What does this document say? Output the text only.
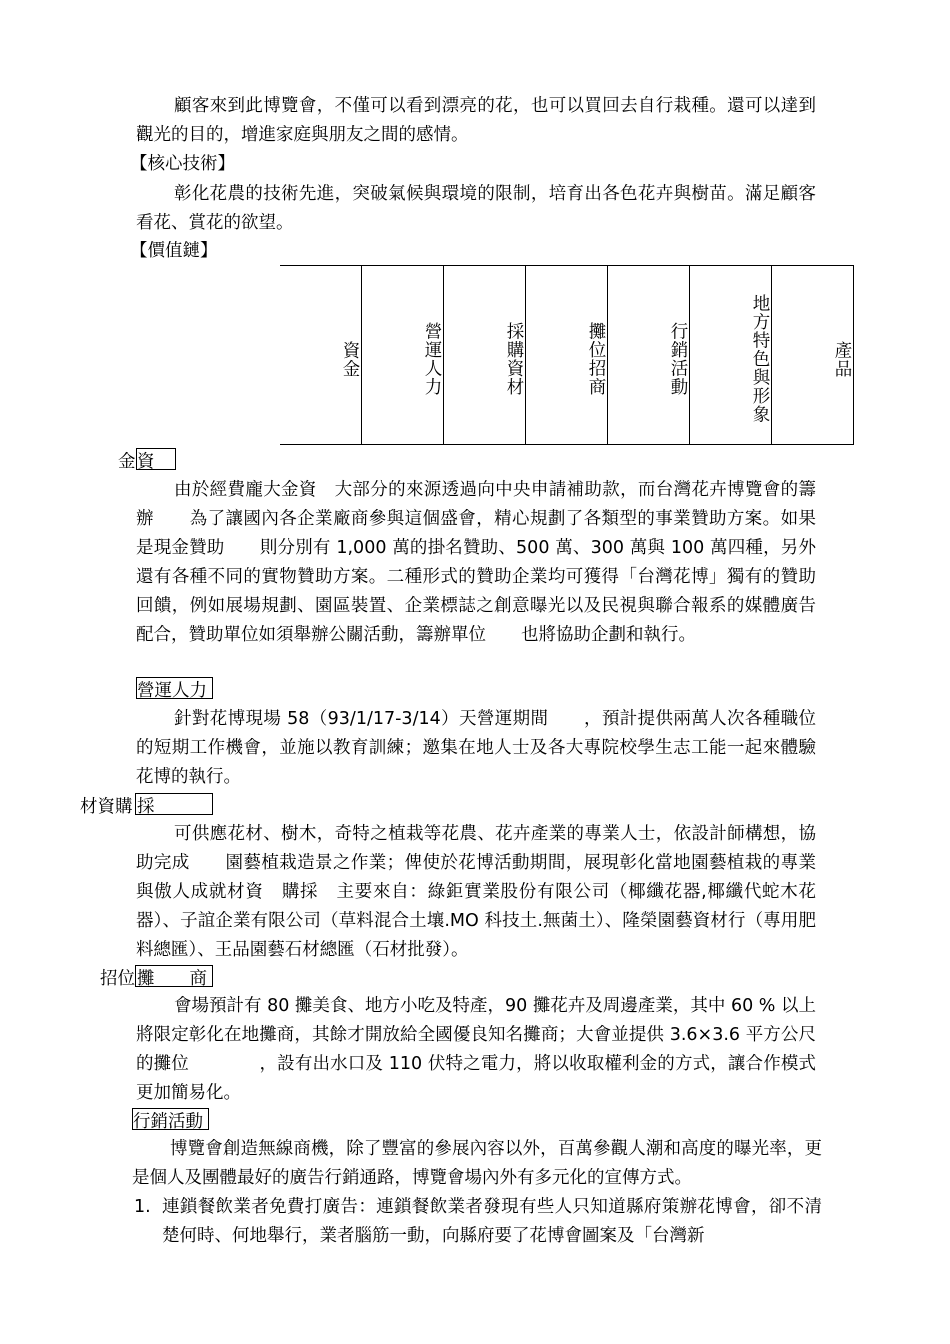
顧客來到此博覽會，不僅可以看到漂亮的花，也可以買回去自行栽種。還可以達到觀光的目的，增進家庭與朋友之間的感情。
【核心技術】
彰化花農的技術先進，突破氣候與環境的限制，培育出各色花卉與樹苗。滿足顧客看花、賞花的欲望。
【價值鏈】
資金	營運人力	採購資材	攤位招商	行銷活動	地方特色與形象	產品
金 資
由於經費龐大金資　大部分的來源透過向中央申請補助款，而台灣花卉博覽會的籌辦　　為了讓國內各企業廠商參與這個盛會，精心規劃了各類型的事業贊助方案。如果是現金贊助　　則分別有 1,000 萬的掛名贊助、500 萬、300 萬與 100 萬四種，另外還有各種不同的實物贊助方案。二種形式的贊助企業均可獲得「台灣花博」獨有的贊助回饋，例如展場規劃、園區裝置、企業標誌之創意曝光以及民視與聯合報系的媒體廣告配合，贊助單位如須舉辦公關活動，籌辦單位　　也將協助企劃和執行。
營運人力
針對花博現場 58（93/1/17-3/14）天營運期間　　，預計提供兩萬人次各種職位的短期工作機會，並施以教育訓練；邀集在地人士及各大專院校學生志工能一起來體驗花博的執行。
材資購 採
可供應花材、樹木，奇特之植栽等花農、花卉產業的專業人士，依設計師構想，協助完成　　園藝植栽造景之作業；俾使於花博活動期間，展現彰化當地園藝植栽的專業與傲人成就材資　購採　主要來自：綠鉅實業股份有限公司（椰纖花器,椰纖代蛇木花器）、子誼企業有限公司（草料混合土壤.MO 科技土.無菌土）、隆榮園藝資材行（專用肥料總匯）、王品園藝石材總匯（石材批發）。
招位 攤　　商
會場預計有 80 攤美食、地方小吃及特產，90 攤花卉及周邊產業，其中 60 % 以上將限定彰化在地攤商，其餘才開放給全國優良知名攤商；大會並提供 3.6×3.6 平方公尺的攤位　　　　，設有出水口及 110 伏特之電力，將以收取權利金的方式，讓合作模式更加簡易化。
行銷活動
博覽會創造無線商機，除了豐富的參展內容以外，百萬參觀人潮和高度的曝光率，更是個人及團體最好的廣告行銷通路，博覽會場內外有多元化的宣傳方式。
1. 連鎖餐飲業者免費打廣告：連鎖餐飲業者發現有些人只知道縣府策辦花博會，卻不清楚何時、何地舉行，業者腦筋一動，向縣府要了花博會圖案及「台灣新
